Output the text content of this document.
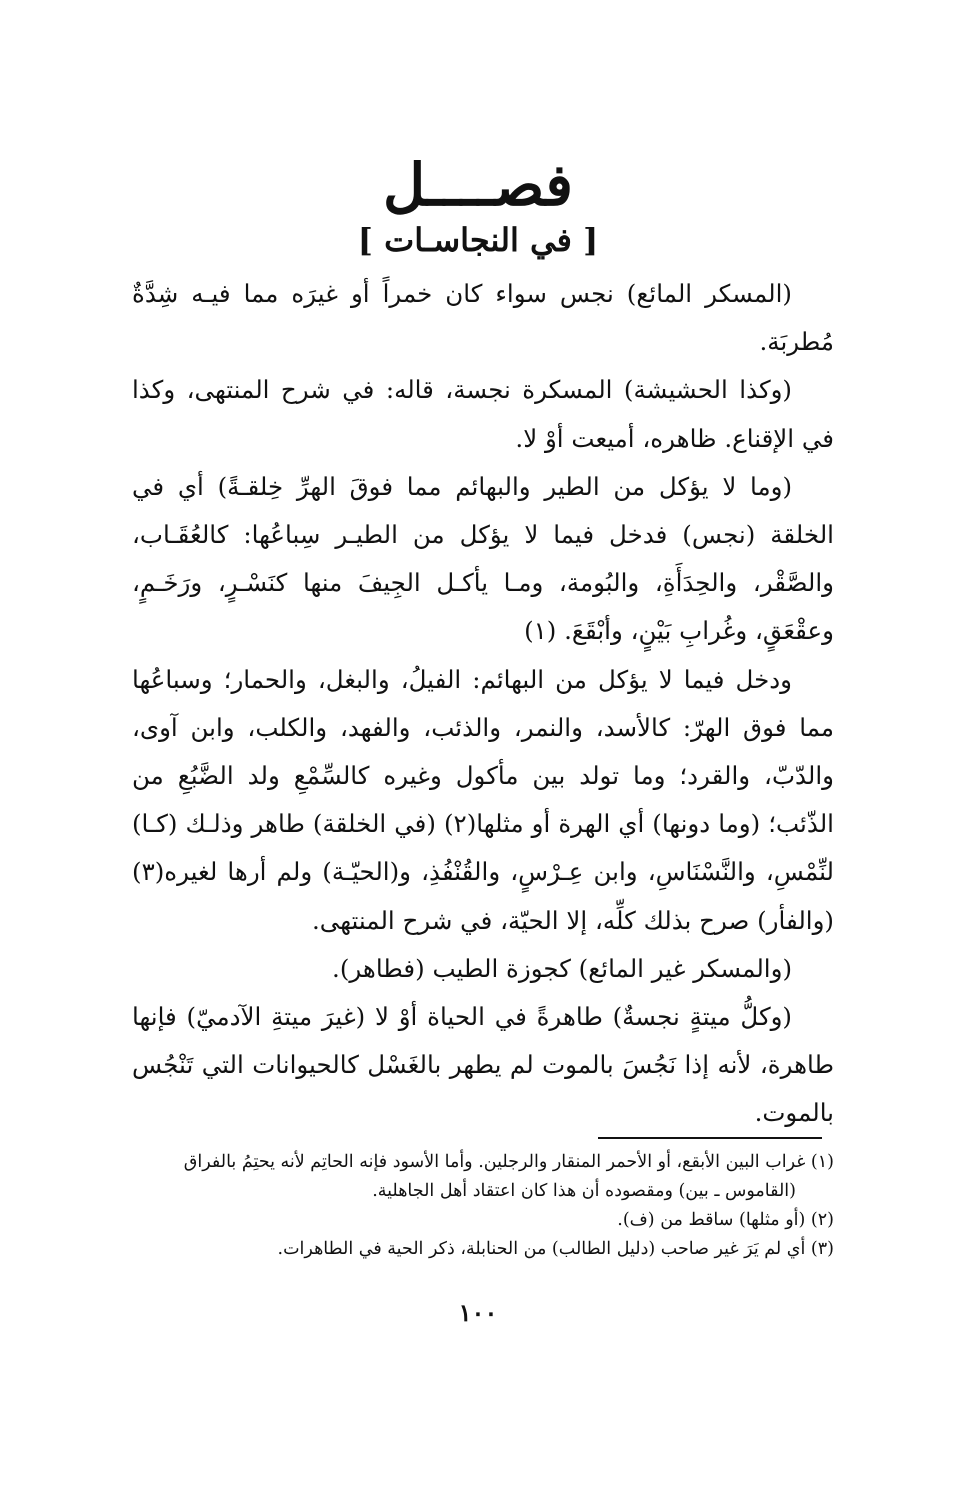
فصــــل
[ في النجاسـات ]

(المسكر المائع) نجس سواء كان خمراً أو غيرَه مما فيـه شِدَّةٌ مُطربَة.

(وكذا الحشيشة) المسكرة نجسة، قاله: في شرح المنتهى، وكذا في الإقناع. ظاهره، أميعت أوْ لا.

(وما لا يؤكل من الطير والبهائم مما فوقَ الهرِّ خِلقـةً) أي في الخلقة (نجس) فدخل فيما لا يؤكل من الطيـر سِباعُها: كالعُقَـاب، والصَّقْر، والحِدَأَةِ، والبُومة، ومـا يأكـل الجِيفَ منها كنَسْـرٍ، ورَخَـمٍ، وعقْعَقٍ، وغُرابِ بَيْنٍ، وأبْقَعَ. (١)

ودخل فيما لا يؤكل من البهائم: الفيلُ، والبغل، والحمار؛ وسباعُها مما فوق الهرّ: كالأسد، والنمر، والذئب، والفهد، والكلب، وابن آوى، والدّبّ، والقرد؛ وما تولد بين مأكول وغيره كالسِّمْعِ ولد الضَّبُعِ من الذّئب؛ (وما دونها) أي الهرة أو مثلها(٢) (في الخلقة) طاهر وذلـك (كـا) لنِّمْسِ، والنَّسْنَاسِ، وابن عِـرْسٍ، والقُنْفُذِ، و(الحيّـة) ولم أرها لغيره(٣) (والفأر) صرح بذلك كلِّه، إلا الحيّة، في شرح المنتهى.

(والمسكر غير المائع) كجوزة الطيب (فطاهر).

(وكلُّ ميتةٍ نجسةٌ) طاهرةً في الحياة أوْ لا (غيرَ ميتةِ الآدميّ) فإنها طاهرة، لأنه إذا نَجُسَ بالموت لم يطهر بالغَسْل كالحيوانات التي تَنْجُس بالموت.

(١) غراب البين الأبقع، أو الأحمر المنقار والرجلين. وأما الأسود فإنه الحاتِم لأنه يحتِمُ بالفراق

(القاموس ـ بين) ومقصوده أن هذا كان اعتقاد أهل الجاهلية.

(٢) (أو مثلها) ساقط من (ف).

(٣) أي لم يَرَ غير صاحب (دليل الطالب) من الحنابلة، ذكر الحية في الطاهرات.

١٠٠
